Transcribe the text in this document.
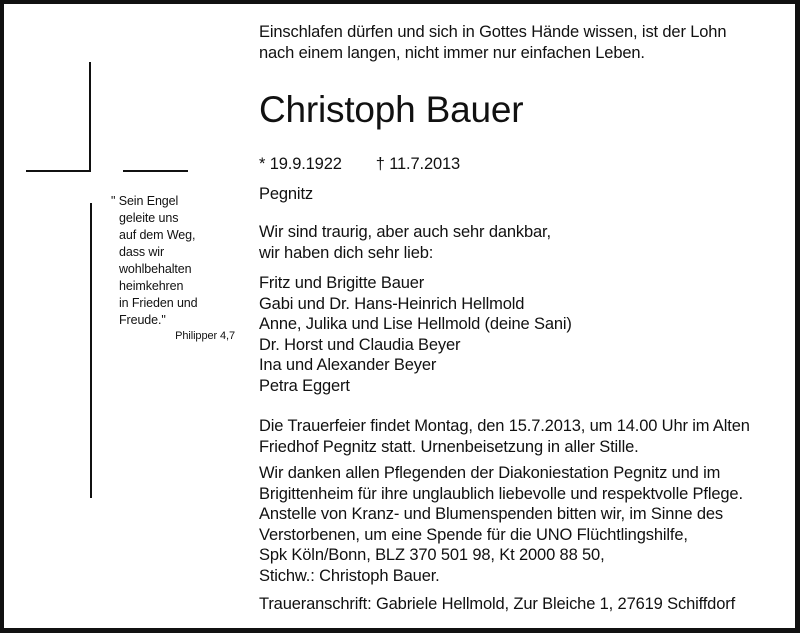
" Sein Engel
geleite uns
auf dem Weg,
dass wir
wohlbehalten
heimkehren
in Frieden und
Freude."
Philipper 4,7

Einschlafen dürfen und sich in Gottes Hände wissen, ist der Lohn
nach einem langen, nicht immer nur einfachen Leben.

Christoph Bauer

* 19.9.1922 † 11.7.2013

Pegnitz

Wir sind traurig, aber auch sehr dankbar,
wir haben dich sehr lieb:

Fritz und Brigitte Bauer
Gabi und Dr. Hans-Heinrich Hellmold
Anne, Julika und Lise Hellmold (deine Sani)
Dr. Horst und Claudia Beyer
Ina und Alexander Beyer
Petra Eggert

Die Trauerfeier findet Montag, den 15.7.2013, um 14.00 Uhr im Alten
Friedhof Pegnitz statt. Urnenbeisetzung in aller Stille.

Wir danken allen Pflegenden der Diakoniestation Pegnitz und im
Brigittenheim für ihre unglaublich liebevolle und respektvolle Pflege.
Anstelle von Kranz- und Blumenspenden bitten wir, im Sinne des
Verstorbenen, um eine Spende für die UNO Flüchtlingshilfe,
Spk Köln/Bonn, BLZ 370 501 98, Kt 2000 88 50,
Stichw.: Christoph Bauer.

Traueranschrift: Gabriele Hellmold, Zur Bleiche 1, 27619 Schiffdorf
